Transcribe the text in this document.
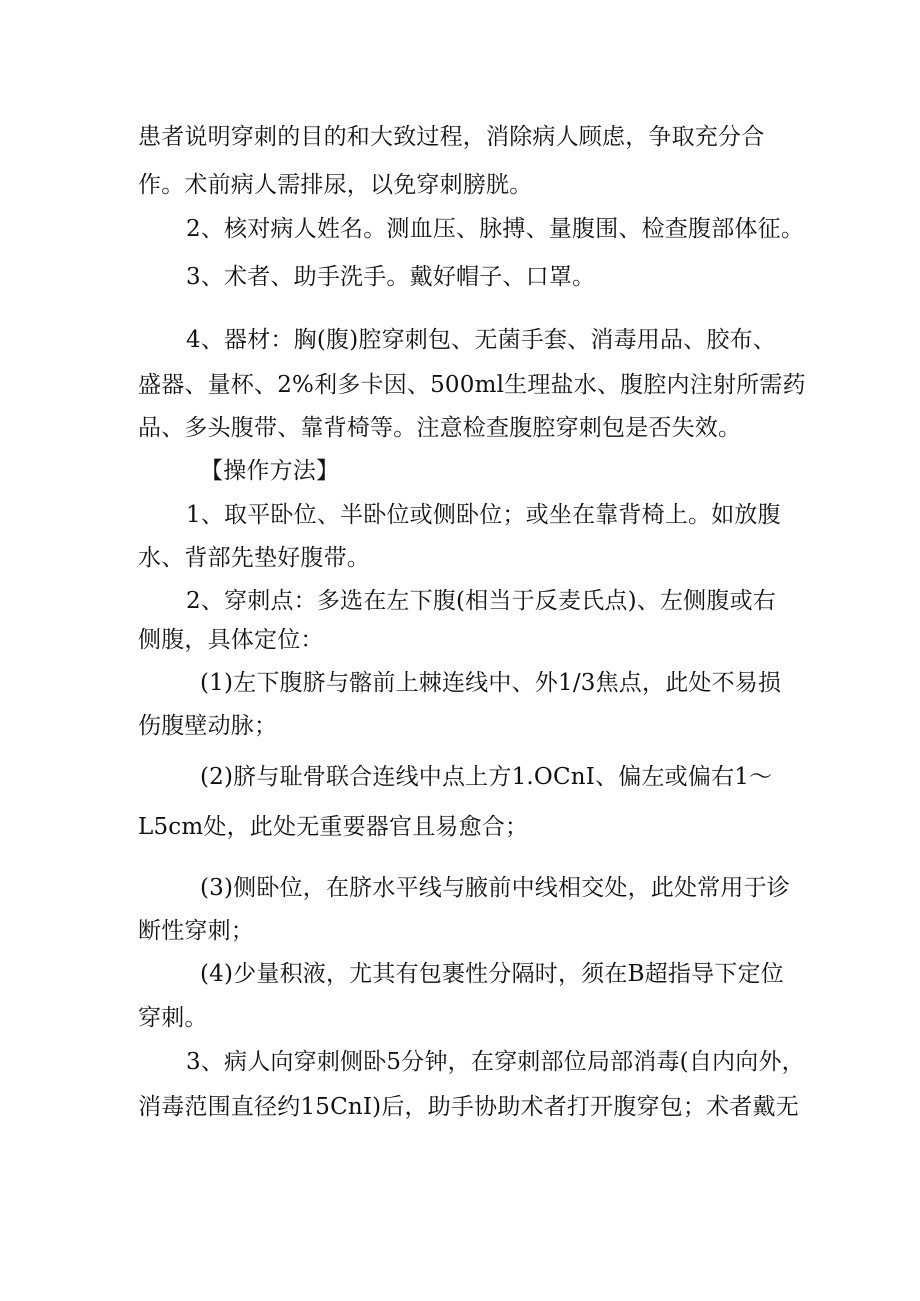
患者说明穿刺的目的和大致过程，消除病人顾虑，争取充分合
作。术前病人需排尿，以免穿刺膀胱。
2、核对病人姓名。测血压、脉搏、量腹围、检查腹部体征。
3、术者、助手洗手。戴好帽子、口罩。
4、器材：胸(腹)腔穿刺包、无菌手套、消毒用品、胶布、
盛器、量杯、2%利多卡因、500ml生理盐水、腹腔内注射所需药
品、多头腹带、靠背椅等。注意检查腹腔穿刺包是否失效。
【操作方法】
1、取平卧位、半卧位或侧卧位；或坐在靠背椅上。如放腹
水、背部先垫好腹带。
2、穿刺点：多选在左下腹(相当于反麦氏点)、左侧腹或右
侧腹，具体定位：
(1)左下腹脐与髂前上棘连线中、外1/3焦点，此处不易损
伤腹壁动脉；
(2)脐与耻骨联合连线中点上方1.OCnI、偏左或偏右1～
L5cm处，此处无重要器官且易愈合；
(3)侧卧位，在脐水平线与腋前中线相交处，此处常用于诊
断性穿刺；
(4)少量积液，尤其有包裹性分隔时，须在B超指导下定位
穿刺。
3、病人向穿刺侧卧5分钟，在穿刺部位局部消毒(自内向外，
消毒范围直径约15CnI)后，助手协助术者打开腹穿包；术者戴无
